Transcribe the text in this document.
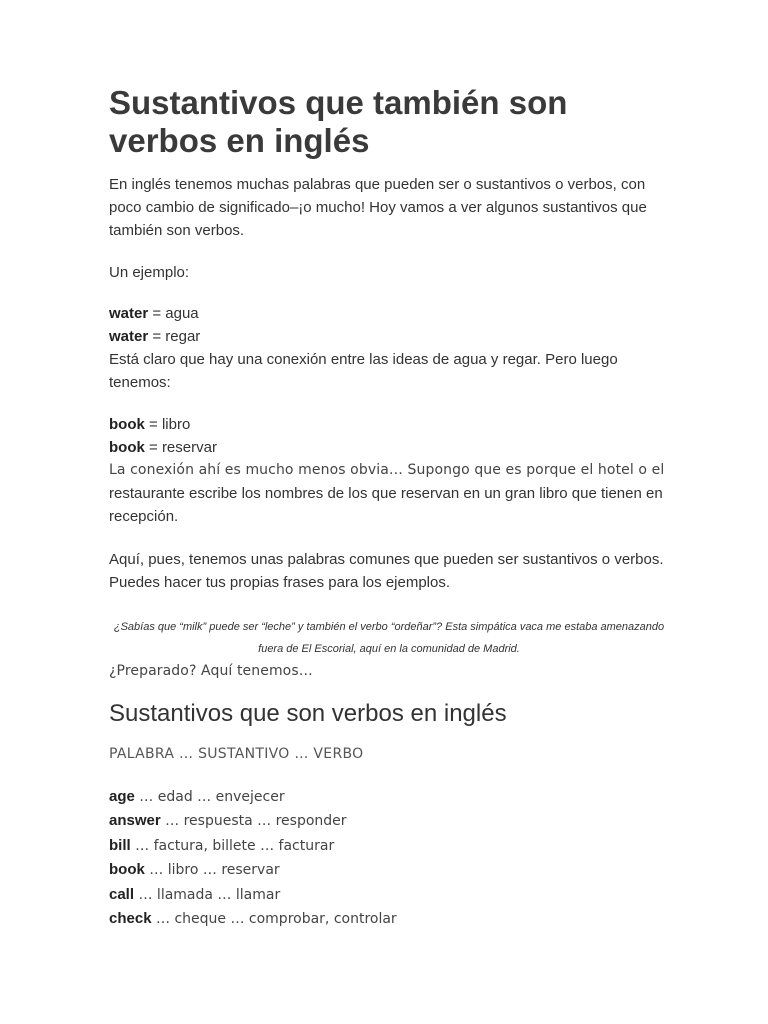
Sustantivos que también son verbos en inglés

En inglés tenemos muchas palabras que pueden ser o sustantivos o verbos, con poco cambio de significado–¡o mucho! Hoy vamos a ver algunos sustantivos que también son verbos.

Un ejemplo:

water = agua
water = regar
Está claro que hay una conexión entre las ideas de agua y regar. Pero luego tenemos:
book = libro
book = reservar
La conexión ahí es mucho menos obvia… Supongo que es porque el hotel o el
restaurante escribe los nombres de los que reservan en un gran libro que tienen en recepción.

Aquí, pues, tenemos unas palabras comunes que pueden ser sustantivos o verbos. Puedes hacer tus propias frases para los ejemplos.

¿Sabías que “milk” puede ser “leche” y también el verbo “ordeñar”? Esta simpática vaca me estaba amenazando fuera de El Escorial, aquí en la comunidad de Madrid.

¿Preparado? Aquí tenemos…

Sustantivos que son verbos en inglés

PALABRA … SUSTANTIVO … VERBO

age … edad … envejecer
answer … respuesta … responder
bill … factura, billete … facturar
book … libro … reservar
call … llamada … llamar
check … cheque … comprobar, controlar
